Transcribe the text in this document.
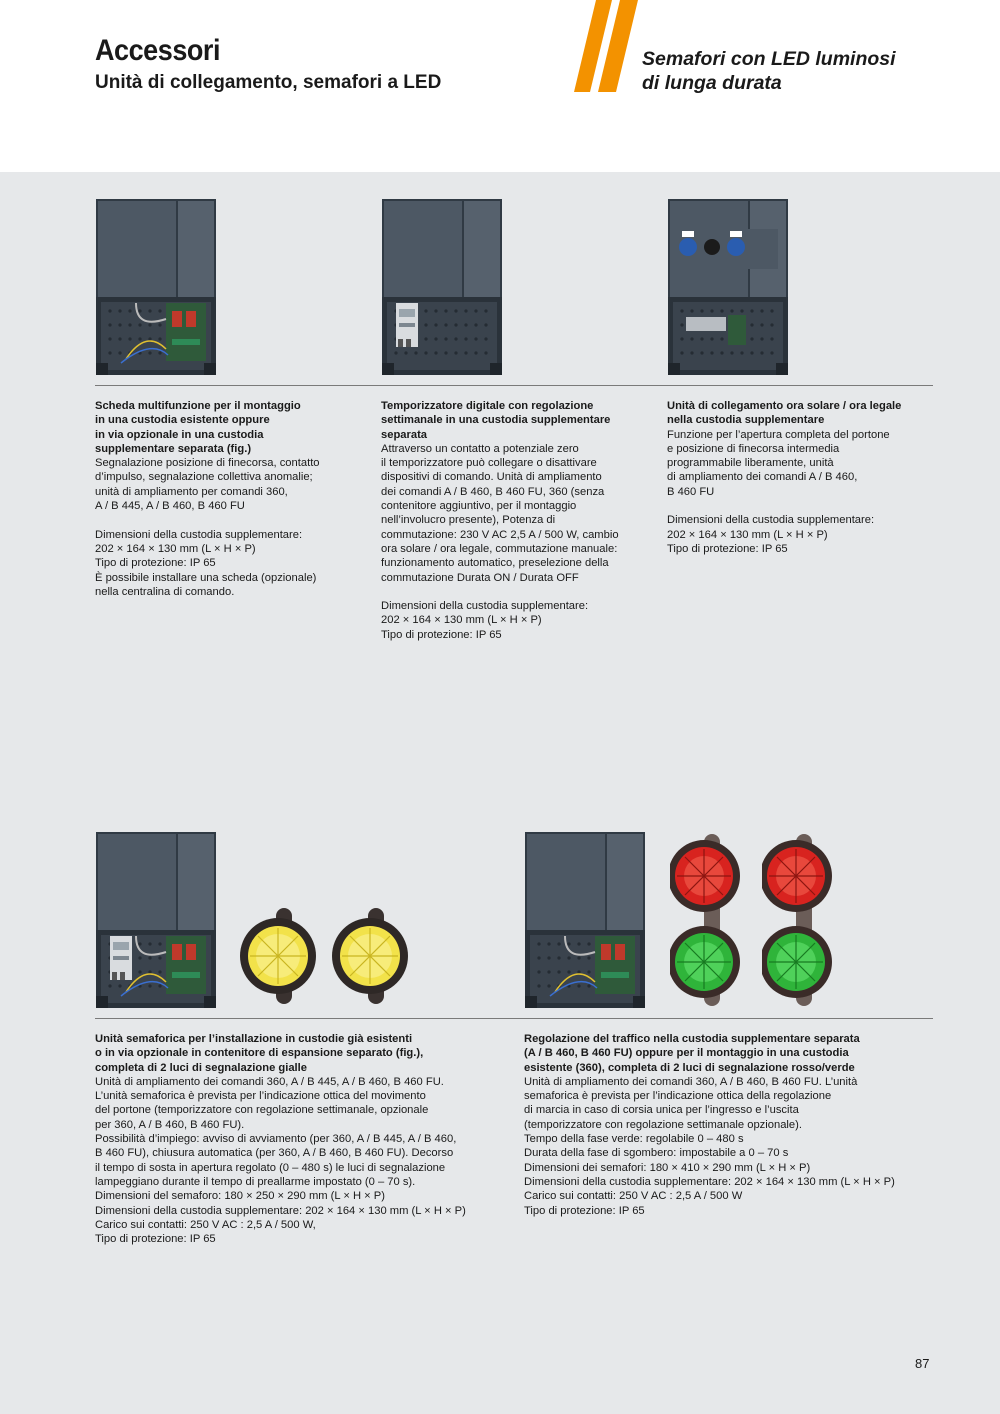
Accessori
Unità di collegamento, semafori a LED
Semafori con LED luminosi
di lunga durata
Scheda multifunzione per il montaggio
in una custodia esistente oppure
in via opzionale in una custodia
supplementare separata (fig.)
Segnalazione posizione di finecorsa, contatto
d’impulso, segnalazione collettiva anomalie;
unità di ampliamento per comandi 360,
A / B 445, A / B 460, B 460 FU
Dimensioni della custodia supplementare:
202 × 164 × 130 mm (L × H × P)
Tipo di protezione: IP 65
È possibile installare una scheda (opzionale)
nella centralina di comando.
Temporizzatore digitale con regolazione
settimanale in una custodia supplementare
separata
Attraverso un contatto a potenziale zero
il temporizzatore può collegare o disattivare
dispositivi di comando. Unità di ampliamento
dei comandi A / B 460, B 460 FU, 360 (senza
contenitore aggiuntivo, per il montaggio
nell’involucro presente), Potenza di
commutazione: 230 V AC 2,5 A / 500 W, cambio
ora solare / ora legale, commutazione manuale:
funzionamento automatico, preselezione della
commutazione Durata ON / Durata OFF
Dimensioni della custodia supplementare:
202 × 164 × 130 mm (L × H × P)
Tipo di protezione: IP 65
Unità di collegamento ora solare / ora legale
nella custodia supplementare
Funzione per l’apertura completa del portone
e posizione di finecorsa intermedia
programmabile liberamente, unità
di ampliamento dei comandi A / B 460,
B 460 FU
Dimensioni della custodia supplementare:
202 × 164 × 130 mm (L × H × P)
Tipo di protezione: IP 65
Unità semaforica per l’installazione in custodie già esistenti
o in via opzionale in contenitore di espansione separato (fig.),
completa di 2 luci di segnalazione gialle
Unità di ampliamento dei comandi 360, A / B 445, A / B 460, B 460 FU.
L’unità semaforica è prevista per l’indicazione ottica del movimento
del portone (temporizzatore con regolazione settimanale, opzionale
per 360, A / B 460, B 460 FU).
Possibilità d’impiego: avviso di avviamento (per 360, A / B 445, A / B 460,
B 460 FU), chiusura automatica (per 360, A / B 460, B 460 FU). Decorso
il tempo di sosta in apertura regolato (0 – 480 s) le luci di segnalazione
lampeggiano durante il tempo di preallarme impostato (0 – 70 s).
Dimensioni del semaforo: 180 × 250 × 290 mm (L × H × P)
Dimensioni della custodia supplementare: 202 × 164 × 130 mm (L × H × P)
Carico sui contatti: 250 V AC : 2,5 A / 500 W,
Tipo di protezione: IP 65
Regolazione del traffico nella custodia supplementare separata
(A / B 460, B 460 FU) oppure per il montaggio in una custodia
esistente (360), completa di 2 luci di segnalazione rosso/verde
Unità di ampliamento dei comandi 360, A / B 460, B 460 FU. L’unità
semaforica è prevista per l’indicazione ottica della regolazione
di marcia in caso di corsia unica per l’ingresso e l’uscita
(temporizzatore con regolazione settimanale opzionale).
Tempo della fase verde: regolabile 0 – 480 s
Durata della fase di sgombero: impostabile a 0 – 70 s
Dimensioni dei semafori: 180 × 410 × 290 mm (L × H × P)
Dimensioni della custodia supplementare: 202 × 164 × 130 mm (L × H × P)
Carico sui contatti: 250 V AC : 2,5 A / 500 W
Tipo di protezione: IP 65
87
